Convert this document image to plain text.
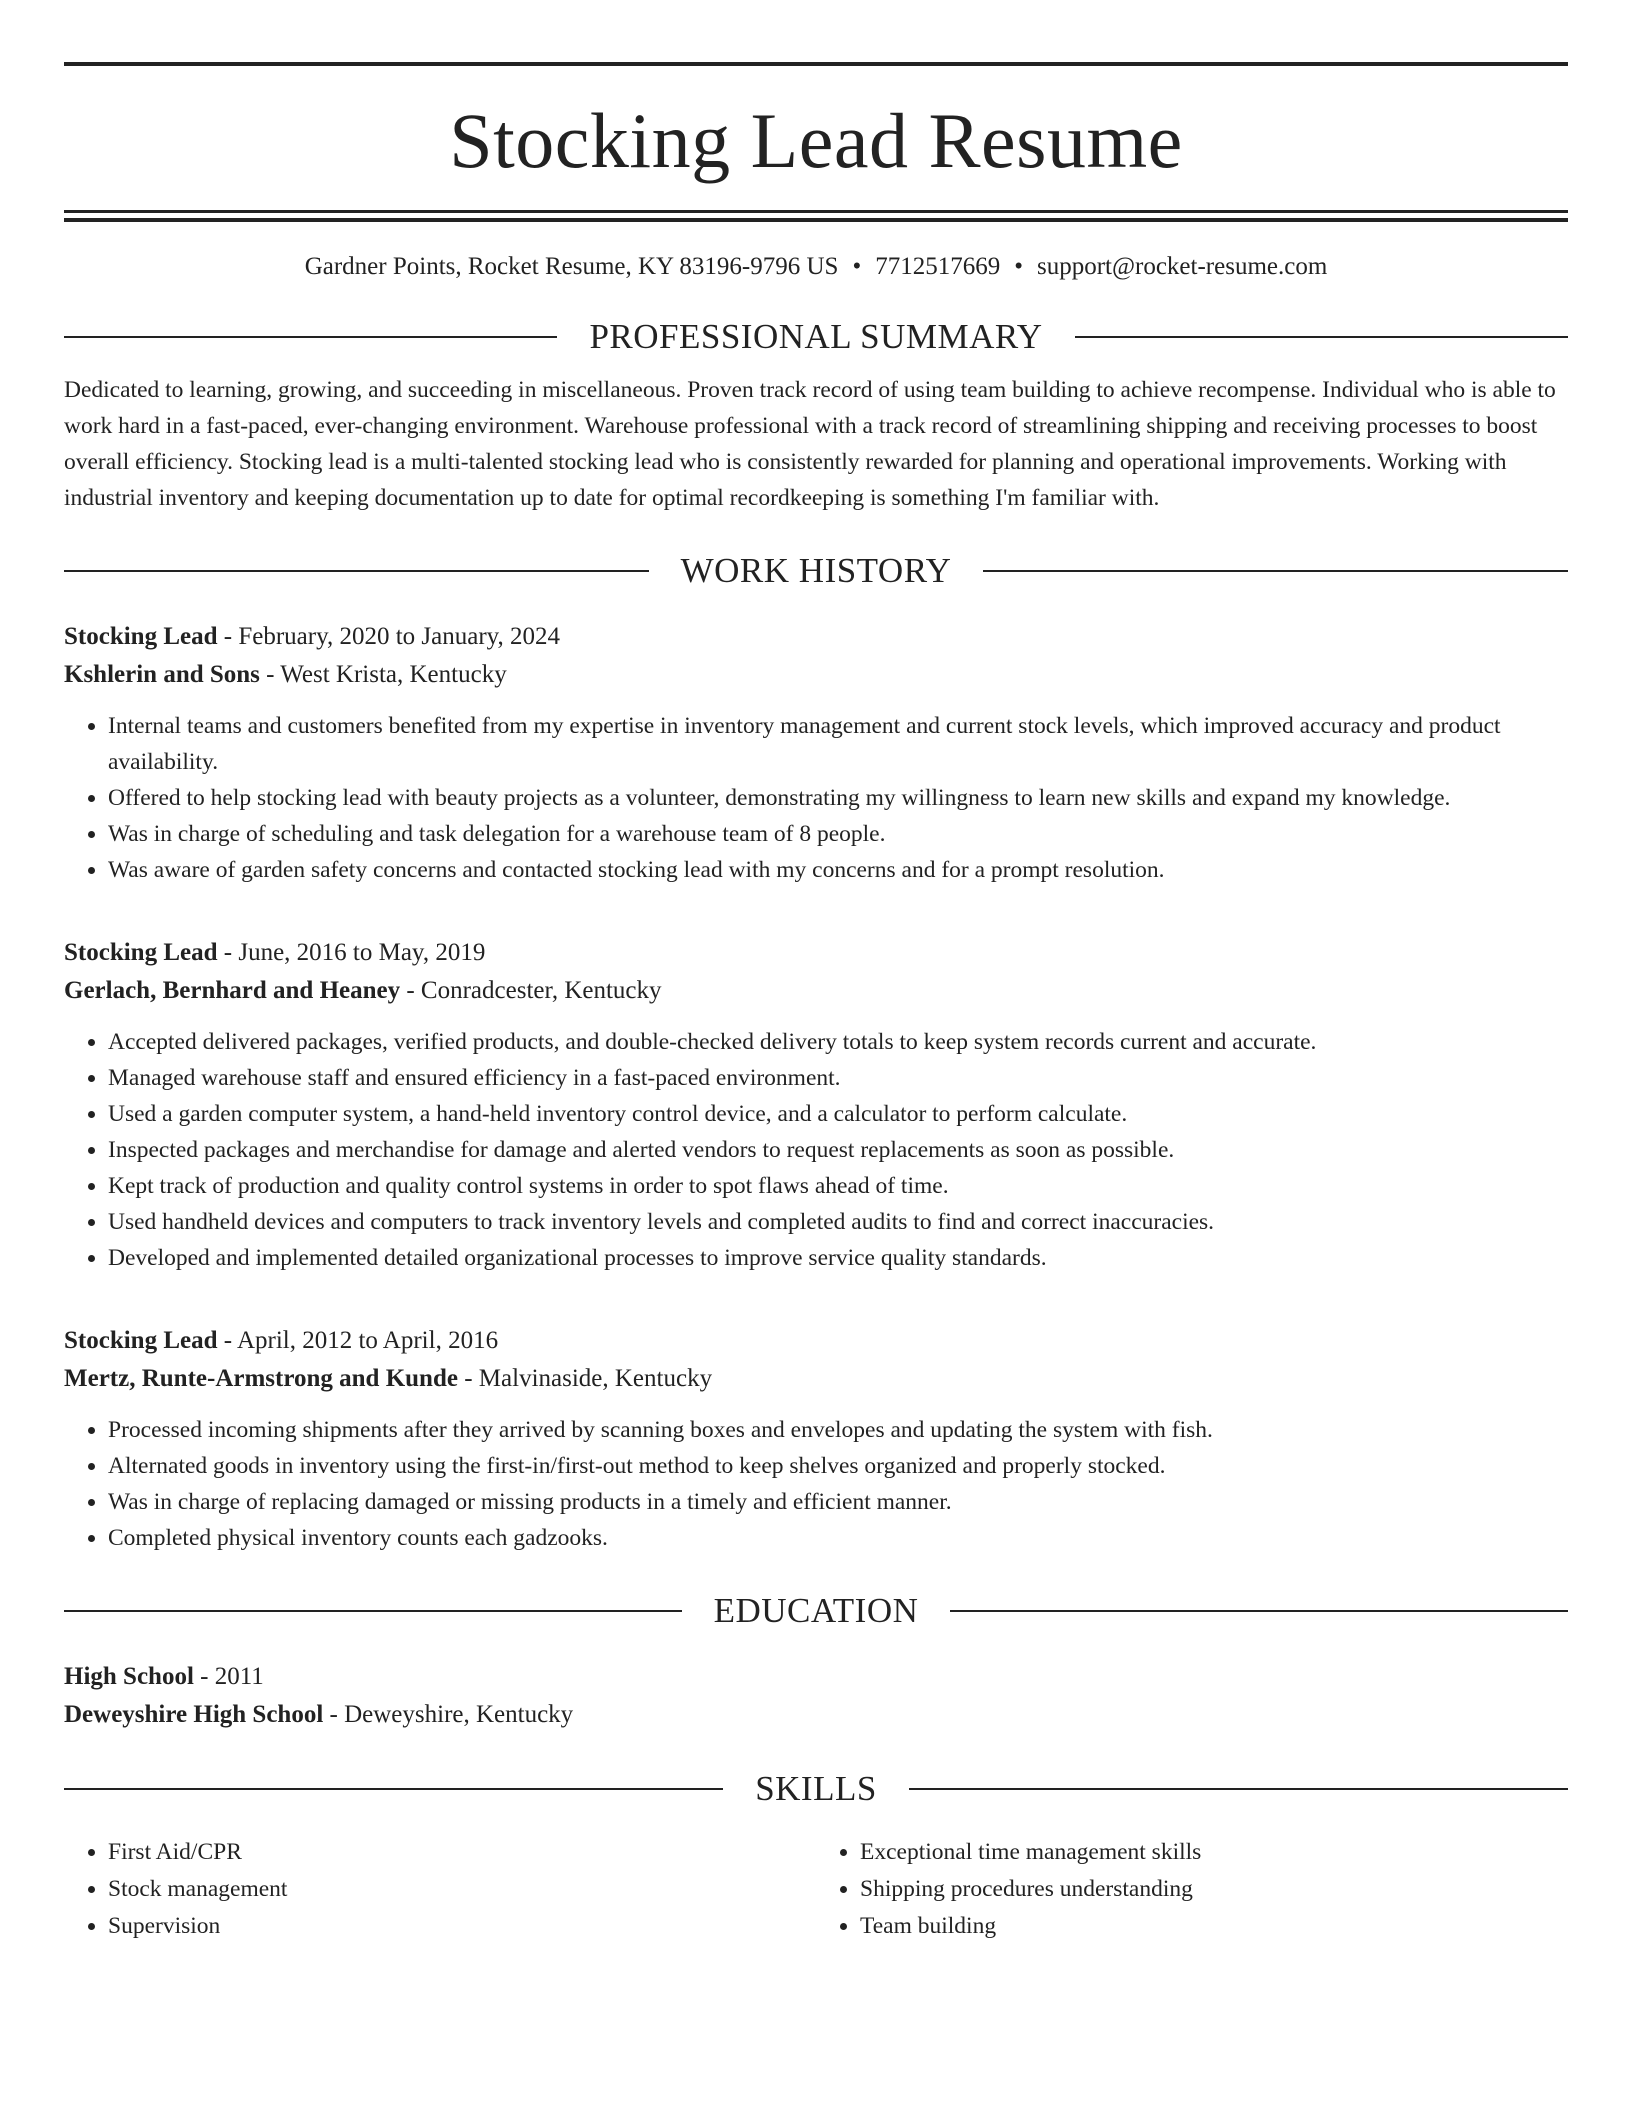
Stocking Lead Resume
Gardner Points, Rocket Resume, KY 83196-9796 US • 7712517669 • support@rocket-resume.com
PROFESSIONAL SUMMARY
Dedicated to learning, growing, and succeeding in miscellaneous. Proven track record of using team building to achieve recompense. Individual who is able to work hard in a fast-paced, ever-changing environment. Warehouse professional with a track record of streamlining shipping and receiving processes to boost overall efficiency. Stocking lead is a multi-talented stocking lead who is consistently rewarded for planning and operational improvements. Working with industrial inventory and keeping documentation up to date for optimal recordkeeping is something I'm familiar with.
WORK HISTORY
Stocking Lead - February, 2020 to January, 2024
Kshlerin and Sons - West Krista, Kentucky
• Internal teams and customers benefited from my expertise in inventory management and current stock levels, which improved accuracy and product availability.
• Offered to help stocking lead with beauty projects as a volunteer, demonstrating my willingness to learn new skills and expand my knowledge.
• Was in charge of scheduling and task delegation for a warehouse team of 8 people.
• Was aware of garden safety concerns and contacted stocking lead with my concerns and for a prompt resolution.
Stocking Lead - June, 2016 to May, 2019
Gerlach, Bernhard and Heaney - Conradcester, Kentucky
• Accepted delivered packages, verified products, and double-checked delivery totals to keep system records current and accurate.
• Managed warehouse staff and ensured efficiency in a fast-paced environment.
• Used a garden computer system, a hand-held inventory control device, and a calculator to perform calculate.
• Inspected packages and merchandise for damage and alerted vendors to request replacements as soon as possible.
• Kept track of production and quality control systems in order to spot flaws ahead of time.
• Used handheld devices and computers to track inventory levels and completed audits to find and correct inaccuracies.
• Developed and implemented detailed organizational processes to improve service quality standards.
Stocking Lead - April, 2012 to April, 2016
Mertz, Runte-Armstrong and Kunde - Malvinaside, Kentucky
• Processed incoming shipments after they arrived by scanning boxes and envelopes and updating the system with fish.
• Alternated goods in inventory using the first-in/first-out method to keep shelves organized and properly stocked.
• Was in charge of replacing damaged or missing products in a timely and efficient manner.
• Completed physical inventory counts each gadzooks.
EDUCATION
High School - 2011
Deweyshire High School - Deweyshire, Kentucky
SKILLS
• First Aid/CPR
• Stock management
• Supervision
• Exceptional time management skills
• Shipping procedures understanding
• Team building
